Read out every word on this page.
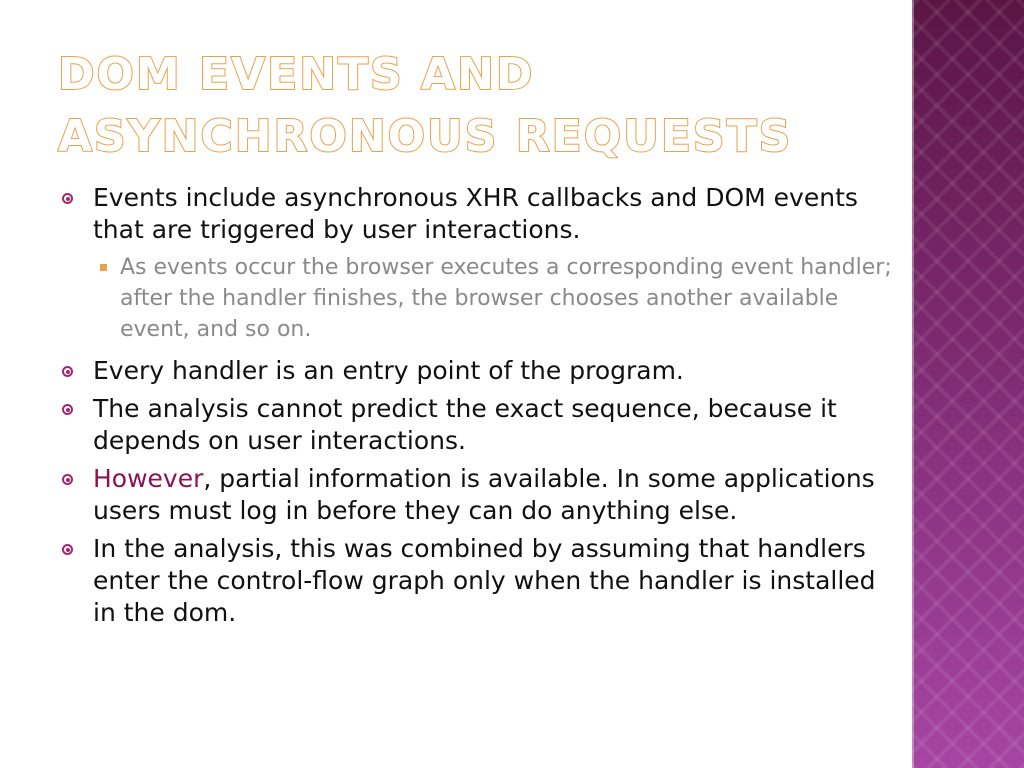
DOM EVENTS AND
ASYNCHRONOUS REQUESTS
Events include asynchronous XHR callbacks and DOM events that are triggered by user interactions.
As events occur the browser executes a corresponding event handler; after the handler finishes, the browser chooses another available event, and so on.
Every handler is an entry point of the program.
The analysis cannot predict the exact sequence, because it depends on user interactions.
However, partial information is available. In some applications users must log in before they can do anything else.
In the analysis, this was combined by assuming that handlers enter the control-flow graph only when the handler is installed in the dom.
